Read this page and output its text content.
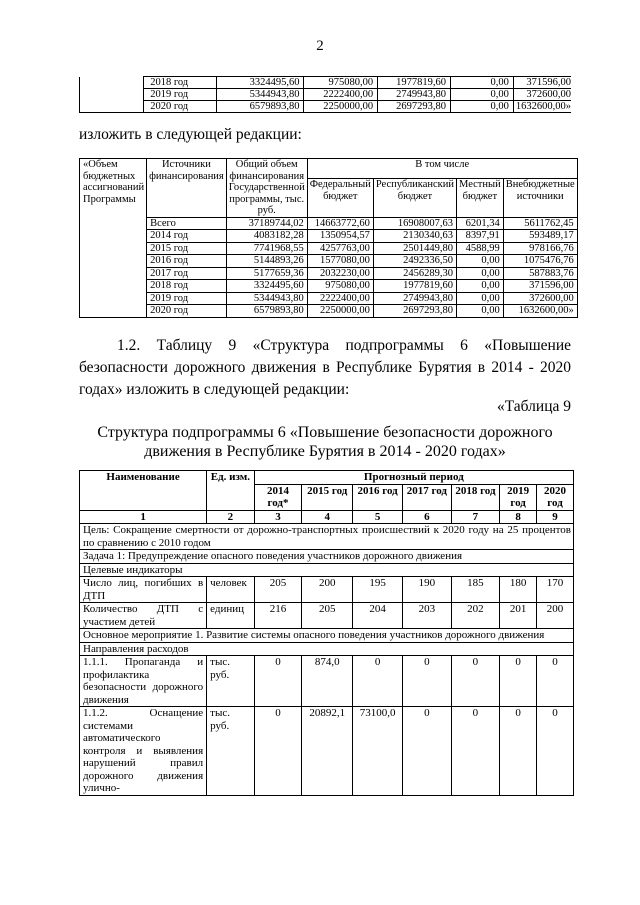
2
	2018 год	3324495,60	975080,00	1977819,60	0,00	371596,00
	2019 год	5344943,80	2222400,00	2749943,80	0,00	372600,00
	2020 год	6579893,80	2250000,00	2697293,80	0,00	1632600,00»
изложить в следующей редакции:
«Объем бюджетных ассигнований Программы	Источники финансирования	Общий объем финансирования Государственной программы, тыс. руб.	В том числе			
			Федеральный бюджет	Республиканский бюджет	Местный бюджет	Внебюджетные источники
	Всего	37189744,02	14663772,60	16908007,63	6201,34	5611762,45
	2014 год	4083182,28	1350954,57	2130340,63	8397,91	593489,17
	2015 год	7741968,55	4257763,00	2501449,80	4588,99	978166,76
	2016 год	5144893,26	1577080,00	2492336,50	0,00	1075476,76
	2017 год	5177659,36	2032230,00	2456289,30	0,00	587883,76
	2018 год	3324495,60	975080,00	1977819,60	0,00	371596,00
	2019 год	5344943,80	2222400,00	2749943,80	0,00	372600,00
	2020 год	6579893,80	2250000,00	2697293,80	0,00	1632600,00»
1.2. Таблицу 9 «Структура подпрограммы 6 «Повышение безопасности дорожного движения в Республике Бурятия в 2014 - 2020 годах» изложить в следующей редакции:
«Таблица 9
Структура подпрограммы 6 «Повышение безопасности дорожного движения в Республике Бурятия в 2014 - 2020 годах»
Наименование	Ед. изм.	Прогнозный период						
		2014 год*	2015 год	2016 год	2017 год	2018 год	2019 год	2020 год
1	2	3	4	5	6	7	8	9
Цель: Сокращение смертности от дорожно-транспортных происшествий к 2020 году на 25 процентов по сравнению с 2010 годом								
Задача 1: Предупреждение опасного поведения участников дорожного движения								
Целевые индикаторы								
Число лиц, погибших в ДТП	человек	205	200	195	190	185	180	170
Количество ДТП с участием детей	единиц	216	205	204	203	202	201	200
Основное мероприятие 1. Развитие системы опасного поведения участников дорожного движения								
Направления расходов								
1.1.1. Пропаганда и профилактика безопасности дорожного движения	тыс. руб.	0	874,0	0	0	0	0	0
1.1.2. Оснащение системами автоматического контроля и выявления нарушений правил дорожного движения улично-	тыс. руб.	0	20892,1	73100,0	0	0	0	0
